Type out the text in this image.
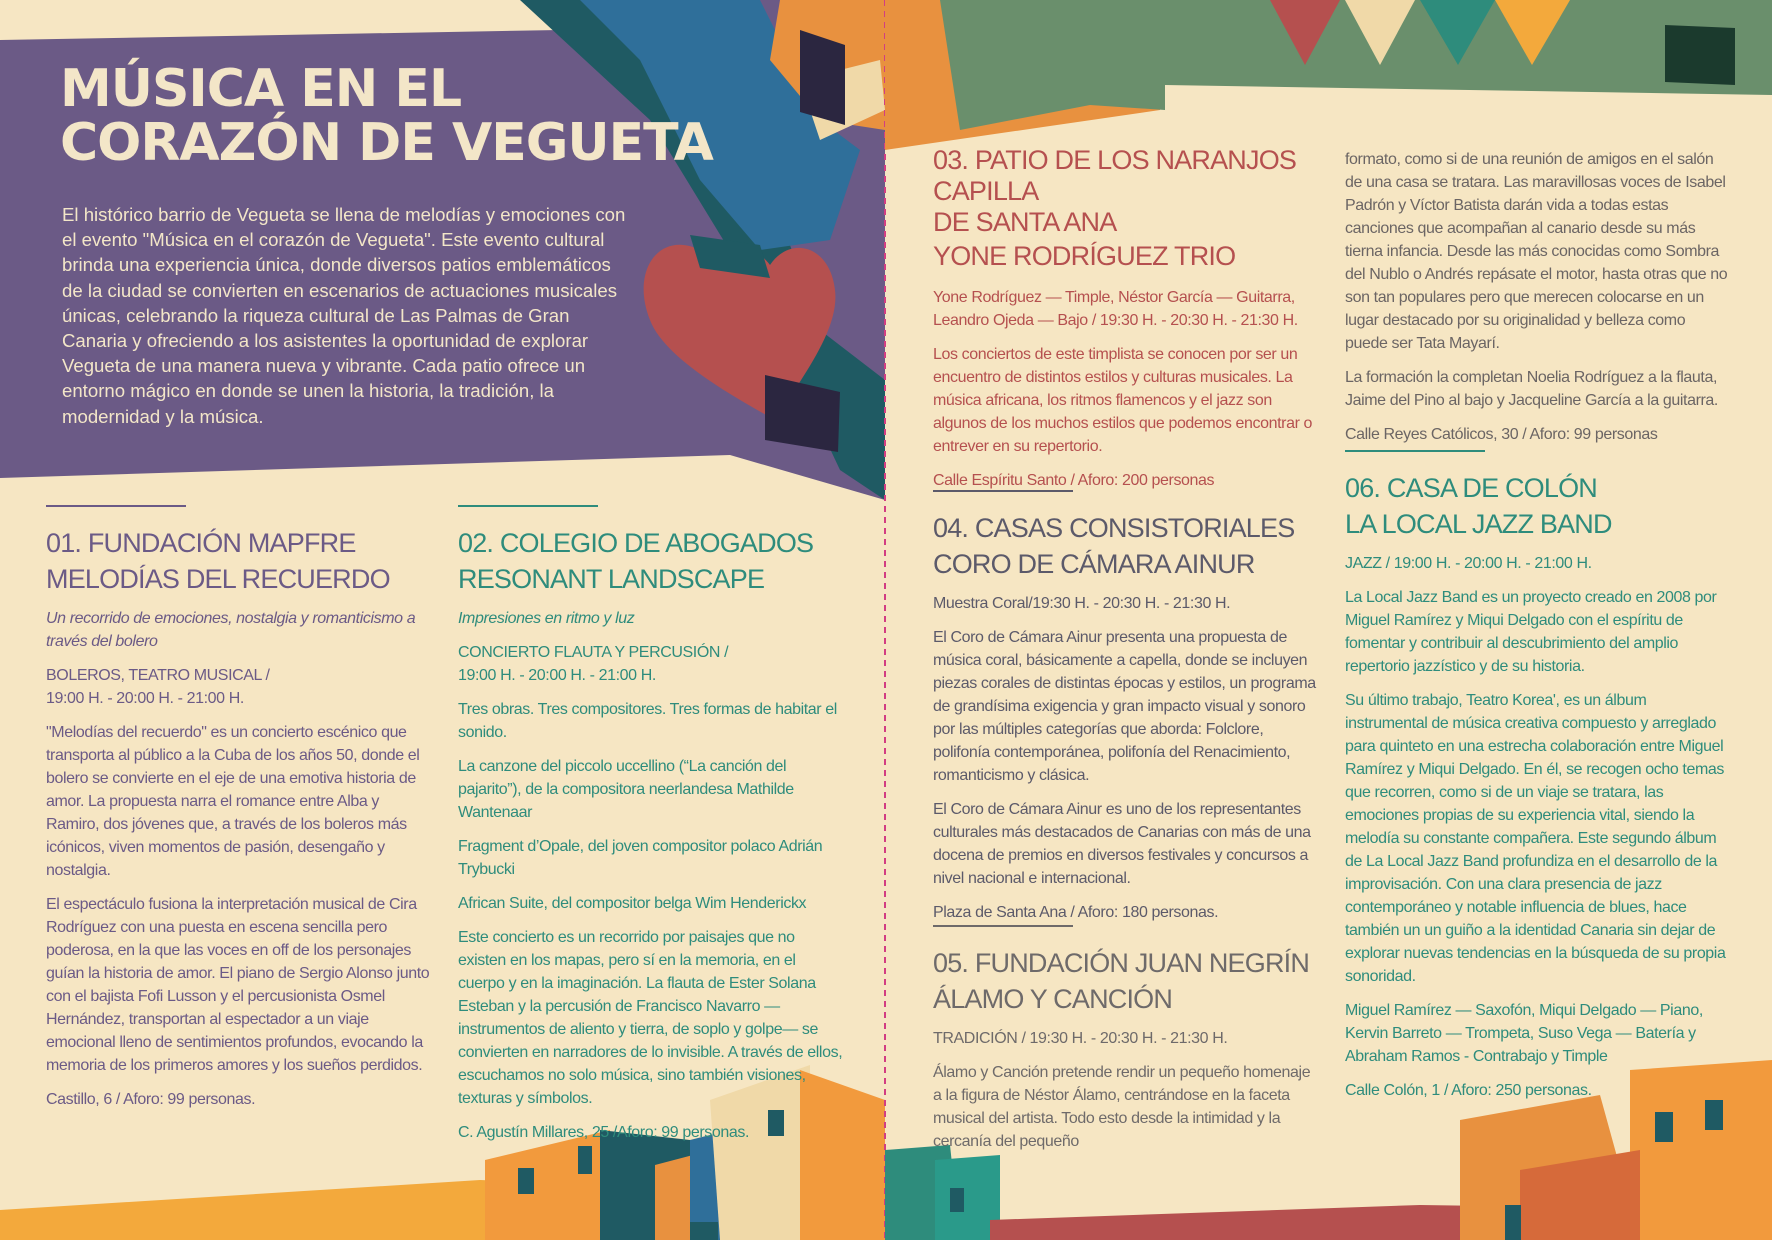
MÚSICA EN EL
CORAZÓN DE VEGUETA
El histórico barrio de Vegueta se llena de melodías y emociones con el evento "Música en el corazón de Vegueta". Este evento cultural brinda una experiencia única, donde diversos patios emblemáticos de la ciudad se convierten en escenarios de actuaciones musicales únicas, celebrando la riqueza cultural de Las Palmas de Gran Canaria y ofreciendo a los asistentes la oportunidad de explorar Vegueta de una manera nueva y vibrante. Cada patio ofrece un entorno mágico en donde se unen la historia, la tradición, la modernidad y la música.
01. FUNDACIÓN MAPFRE
MELODÍAS DEL RECUERDO

Un recorrido de emociones, nostalgia y romanticismo a través del bolero

BOLEROS, TEATRO MUSICAL /
19:00 H. - 20:00 H. - 21:00 H.

"Melodías del recuerdo" es un concierto escénico que transporta al público a la Cuba de los años 50, donde el bolero se convierte en el eje de una emotiva historia de amor. La propuesta narra el romance entre Alba y Ramiro, dos jóvenes que, a través de los boleros más icónicos, viven momentos de pasión, desengaño y nostalgia.

El espectáculo fusiona la interpretación musical de Cira Rodríguez con una puesta en escena sencilla pero poderosa, en la que las voces en off de los personajes guían la historia de amor. El piano de Sergio Alonso junto con el bajista Fofi Lusson y el percusionista Osmel Hernández, transportan al espectador a un viaje emocional lleno de sentimientos profundos, evocando la memoria de los primeros amores y los sueños perdidos.

Castillo, 6 / Aforo: 99 personas.

02. COLEGIO DE ABOGADOS
RESONANT LANDSCAPE

Impresiones en ritmo y luz

CONCIERTO FLAUTA Y PERCUSIÓN /
19:00 H. - 20:00 H. - 21:00 H.

Tres obras. Tres compositores. Tres formas de habitar el sonido.

La canzone del piccolo uccellino (“La canción del pajarito”), de la compositora neerlandesa Mathilde Wantenaar

Fragment d’Opale, del joven compositor polaco Adrián Trybucki

African Suite, del compositor belga Wim Henderickx

Este concierto es un recorrido por paisajes que no existen en los mapas, pero sí en la memoria, en el cuerpo y en la imaginación. La flauta de Ester Solana Esteban y la percusión de Francisco Navarro —instrumentos de aliento y tierra, de soplo y golpe— se convierten en narradores de lo invisible. A través de ellos, escuchamos no solo música, sino también visiones, texturas y símbolos.

C. Agustín Millares, 25 /Aforo: 99 personas.

03. PATIO DE LOS NARANJOS CAPILLA
DE SANTA ANA
YONE RODRÍGUEZ TRIO

Yone Rodríguez — Timple, Néstor García — Guitarra, Leandro Ojeda — Bajo / 19:30 H. - 20:30 H. - 21:30 H.

Los conciertos de este timplista se conocen por ser un encuentro de distintos estilos y culturas musicales. La música africana, los ritmos flamencos y el jazz son algunos de los muchos estilos que podemos encontrar o entrever en su repertorio.

Calle Espíritu Santo / Aforo: 200 personas

04. CASAS CONSISTORIALES
CORO DE CÁMARA AINUR

Muestra Coral/19:30 H. - 20:30 H. - 21:30 H.

El Coro de Cámara Ainur presenta una propuesta de música coral, básicamente a capella, donde se incluyen piezas corales de distintas épocas y estilos, un programa de grandísima exigencia y gran impacto visual y sonoro por las múltiples categorías que aborda: Folclore, polifonía contemporánea, polifonía del Renacimiento, romanticismo y clásica.

El Coro de Cámara Ainur es uno de los representantes culturales más destacados de Canarias con más de una docena de premios en diversos festivales y concursos a nivel nacional e internacional.

Plaza de Santa Ana / Aforo: 180 personas.

05. FUNDACIÓN JUAN NEGRÍN
ÁLAMO Y CANCIÓN

TRADICIÓN / 19:30 H. - 20:30 H. - 21:30 H.

Álamo y Canción pretende rendir un pequeño homenaje a la figura de Néstor Álamo, centrándose en la faceta musical del artista. Todo esto desde la intimidad y la cercanía del pequeño

formato, como si de una reunión de amigos en el salón de una casa se tratara. Las maravillosas voces de Isabel Padrón y Víctor Batista darán vida a todas estas canciones que acompañan al canario desde su más tierna infancia. Desde las más conocidas como Sombra del Nublo o Andrés repásate el motor, hasta otras que no son tan populares pero que merecen colocarse en un lugar destacado por su originalidad y belleza como puede ser Tata Mayarí.

La formación la completan Noelia Rodríguez a la flauta, Jaime del Pino al bajo y Jacqueline García a la guitarra.

Calle Reyes Católicos, 30 / Aforo: 99 personas

06. CASA DE COLÓN
LA LOCAL JAZZ BAND

JAZZ / 19:00 H. - 20:00 H. - 21:00 H.

La Local Jazz Band es un proyecto creado en 2008 por Miguel Ramírez y Miqui Delgado con el espíritu de fomentar y contribuir al descubrimiento del amplio repertorio jazzístico y de su historia.

Su último trabajo, Teatro Korea', es un álbum instrumental de música creativa compuesto y arreglado para quinteto en una estrecha colaboración entre Miguel Ramírez y Miqui Delgado. En él, se recogen ocho temas que recorren, como si de un viaje se tratara, las emociones propias de su experiencia vital, siendo la melodía su constante compañera. Este segundo álbum de La Local Jazz Band profundiza en el desarrollo de la improvisación. Con una clara presencia de jazz contemporáneo y notable influencia de blues, hace también un un guiño a la identidad Canaria sin dejar de explorar nuevas tendencias en la búsqueda de su propia sonoridad.

Miguel Ramírez — Saxofón, Miqui Delgado — Piano, Kervin Barreto — Trompeta, Suso Vega — Batería y Abraham Ramos - Contrabajo y Timple

Calle Colón, 1 / Aforo: 250 personas.
